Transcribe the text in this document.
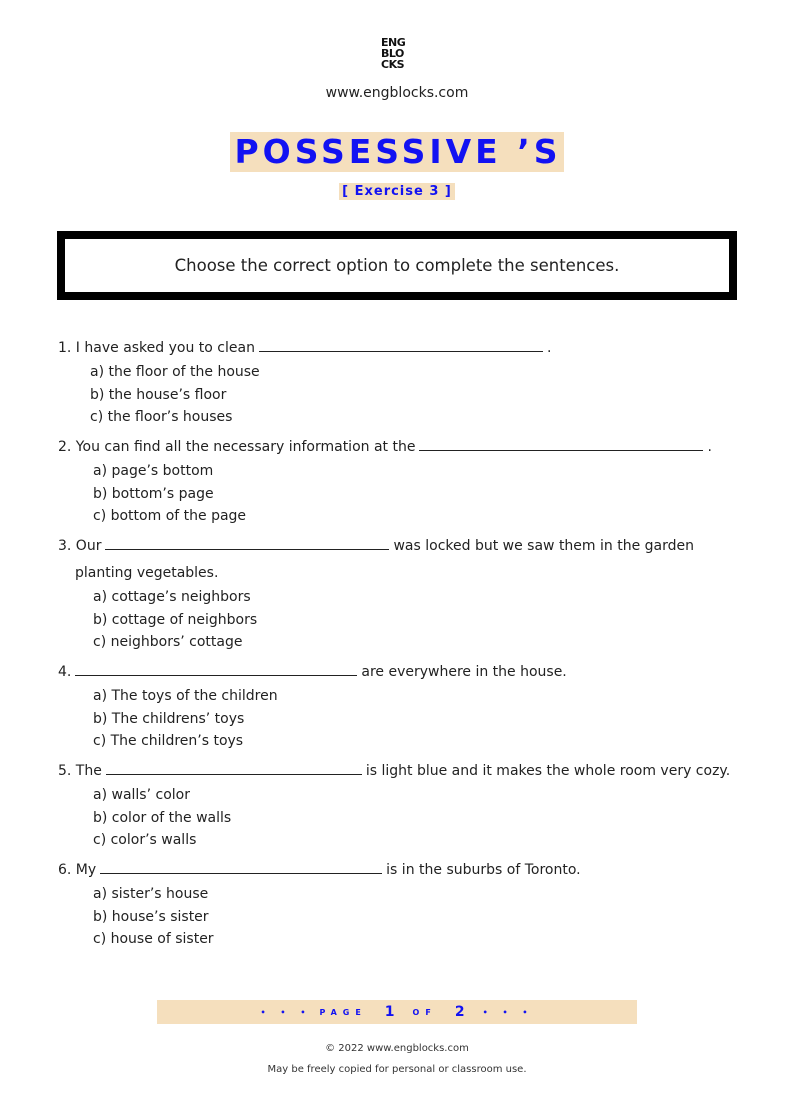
ENG
BLO
CKS
www.engblocks.com
POSSESSIVE ’S
[ Exercise 3 ]
Choose the correct option to complete the sentences.
1. I have asked you to clean	.
a) the floor of the house
b) the house’s floor
c) the floor’s houses
2. You can find all the necessary information at the	.
a) page’s bottom
b) bottom’s page
c) bottom of the page
3. Our	was locked but we saw them in the garden
planting vegetables.
a) cottage’s neighbors
b) cottage of neighbors
c) neighbors’ cottage
4.	are everywhere in the house.
a) The toys of the children
b) The childrens’ toys
c) The children’s toys
5. The	is light blue and it makes the whole room very cozy.
a) walls’ color
b) color of the walls
c) color’s walls
6. My	is in the suburbs of Toronto.
a) sister’s house
b) house’s sister
c) house of sister
• • • PAGE 1 OF 2 • • •
© 2022 www.engblocks.com
May be freely copied for personal or classroom use.
